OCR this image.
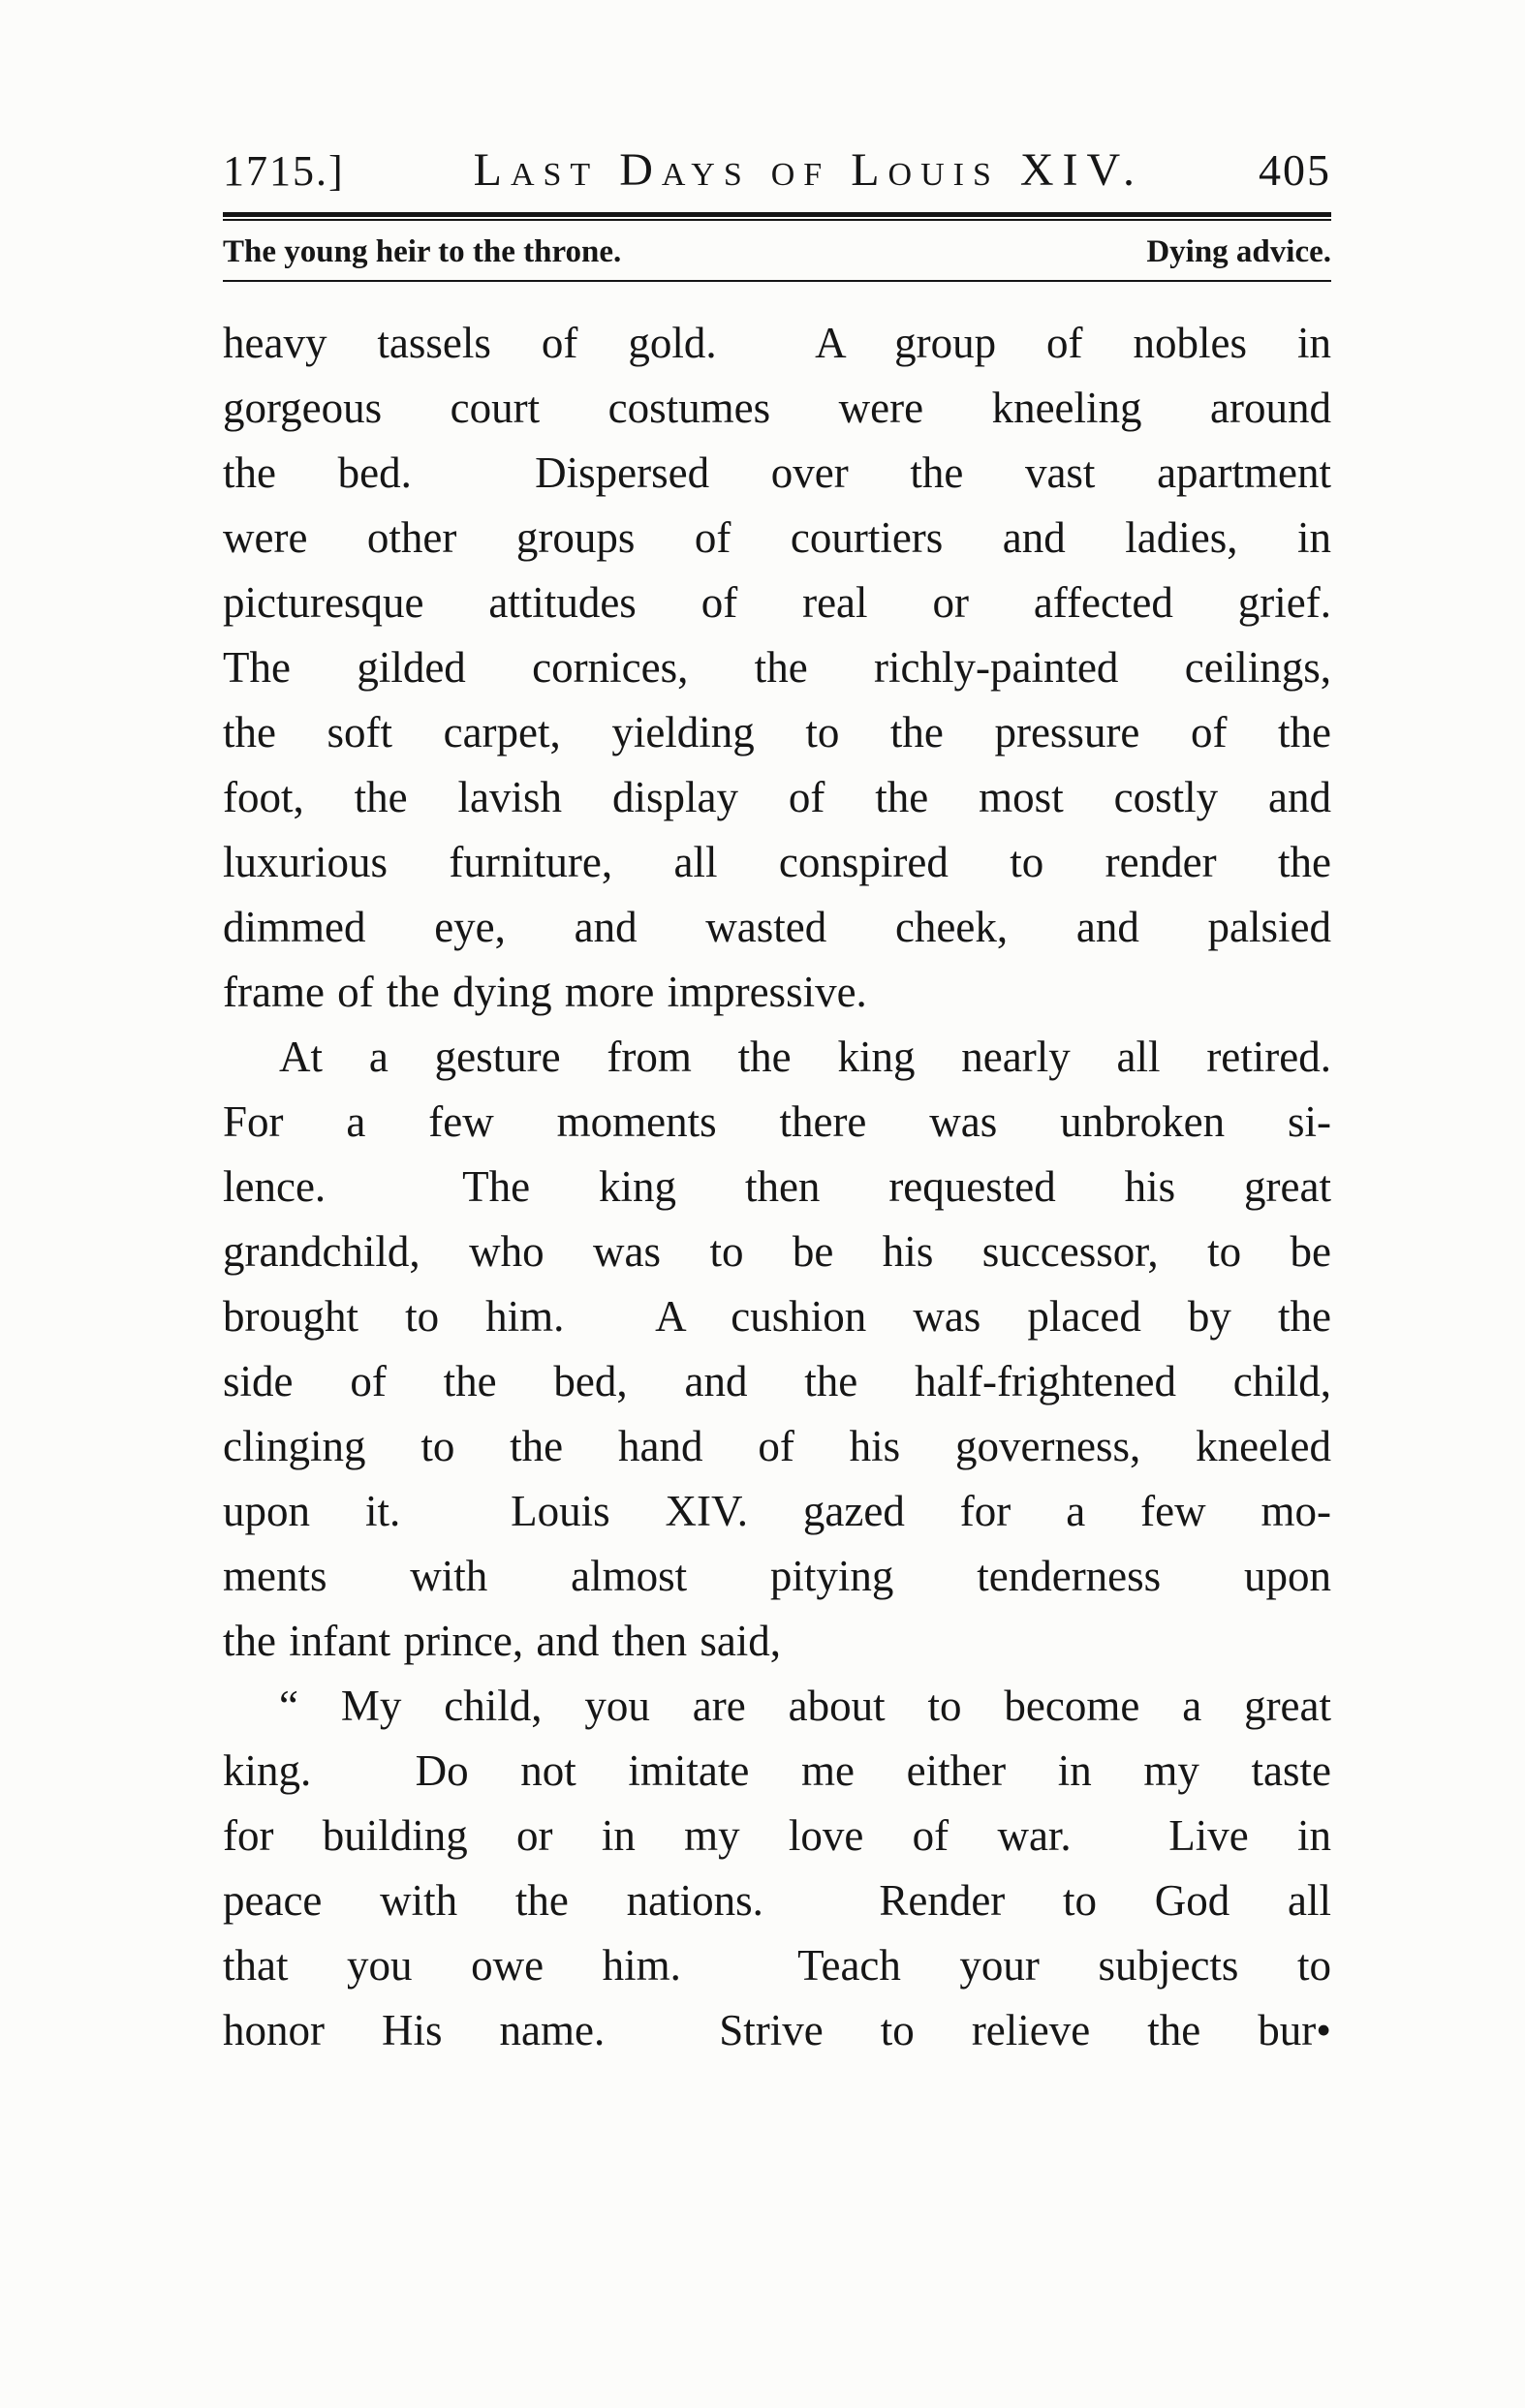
1715.]	Last Days of Louis XIV.	405
The young heir to the throne.	Dying advice.
heavy tassels of gold.  A group of nobles in
gorgeous court costumes were kneeling around
the bed.  Dispersed over the vast apartment
were other groups of courtiers and ladies, in
picturesque attitudes of real or affected grief.
The gilded cornices, the richly-painted ceilings,
the soft carpet, yielding to the pressure of the
foot, the lavish display of the most costly and
luxurious furniture, all conspired to render the
dimmed eye, and wasted cheek, and palsied
frame of the dying more impressive.
At a gesture from the king nearly all retired.
For a few moments there was unbroken si-
lence.  The king then requested his great
grandchild, who was to be his successor, to be
brought to him.  A cushion was placed by the
side of the bed, and the half-frightened child,
clinging to the hand of his governess, kneeled
upon it.  Louis XIV. gazed for a few mo-
ments with almost pitying tenderness upon
the infant prince, and then said,
“ My child, you are about to become a great
king.  Do not imitate me either in my taste
for building or in my love of war.  Live in
peace with the nations.  Render to God all
that you owe him.  Teach your subjects to
honor His name.  Strive to relieve the bur•
